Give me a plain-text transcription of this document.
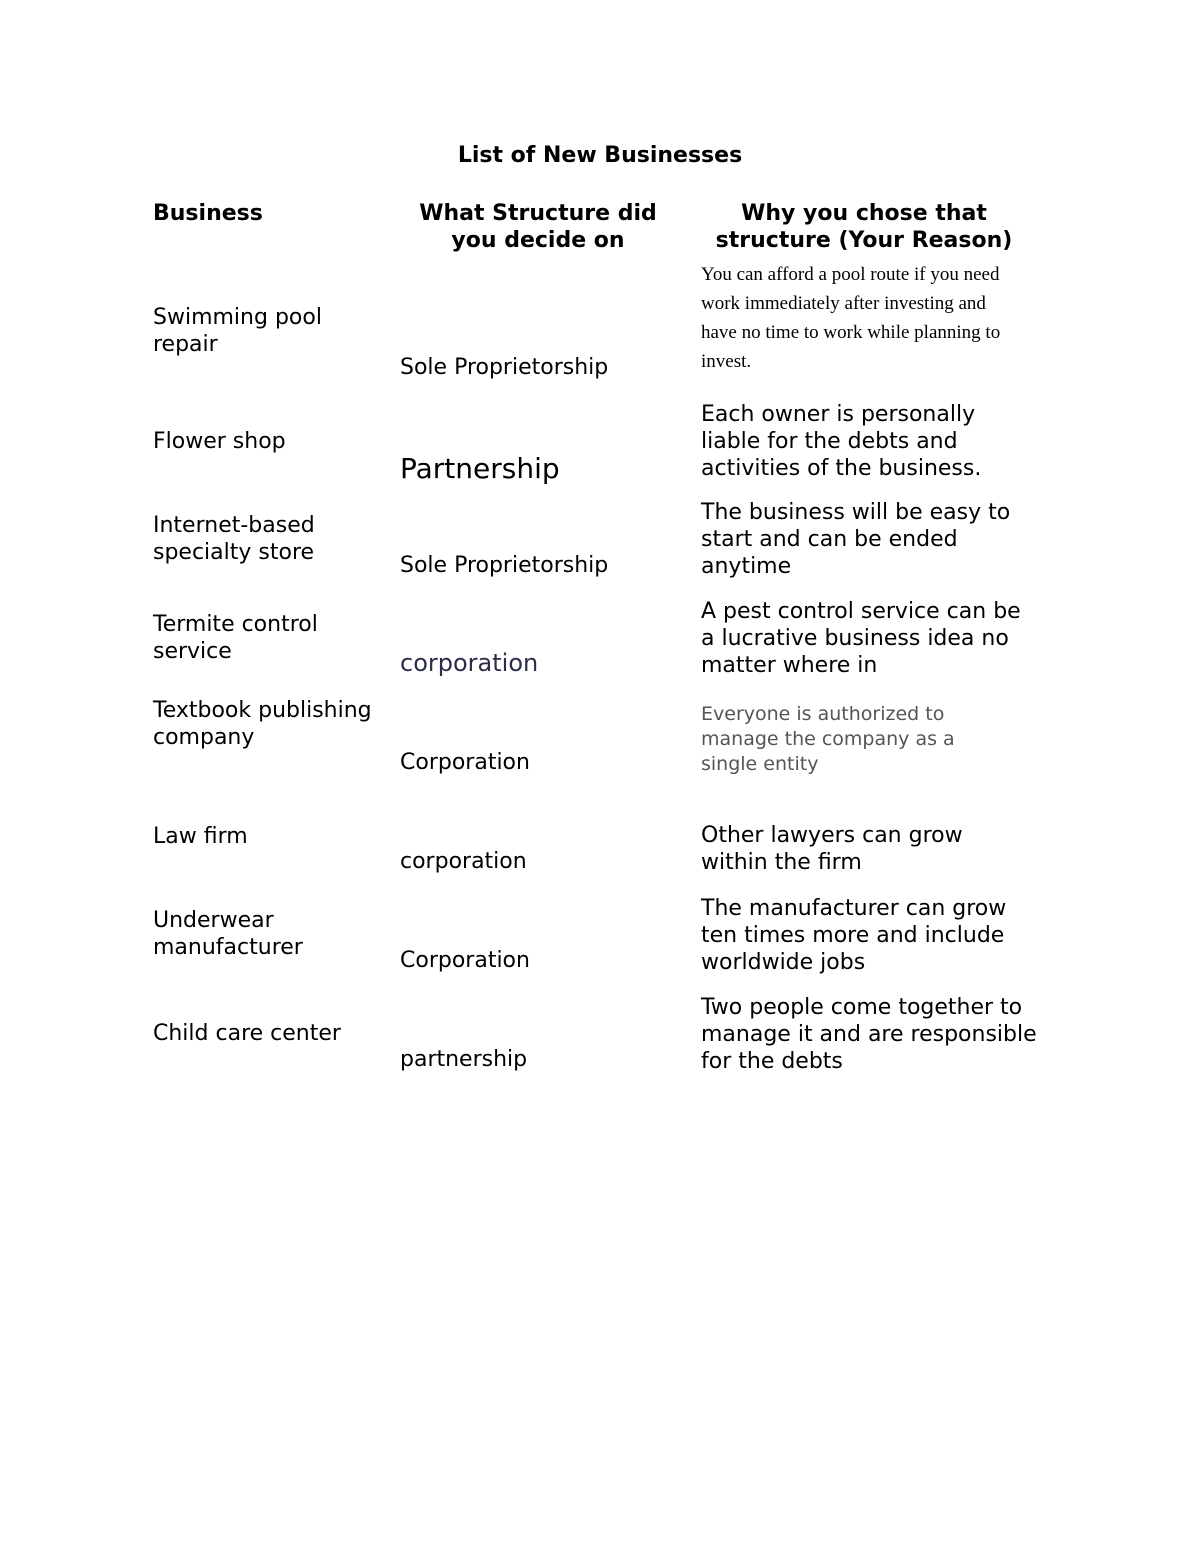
List of New Businesses
Business	What Structure did you decide on
Why you chose that structure (Your Reason)
Swimming pool repair
Sole Proprietorship
You can afford a pool route if you need work immediately after investing and have no time to work while planning to invest.
Flower shop
Partnership
Each owner is personally liable for the debts and activities of the business.
Internet-based specialty store
Sole Proprietorship
The business will be easy to start and can be ended anytime
Termite control service	corporation
A pest control service can be a lucrative business idea no matter where in
Textbook publishing company
Corporation
Everyone is authorized to manage the company as a single entity
Law firm
corporation
Other lawyers can grow within the firm
Underwear manufacturer
Corporation
The manufacturer can grow ten times more and include worldwide jobs
Child care center
partnership
Two people come together to manage it and are responsible for the debts
